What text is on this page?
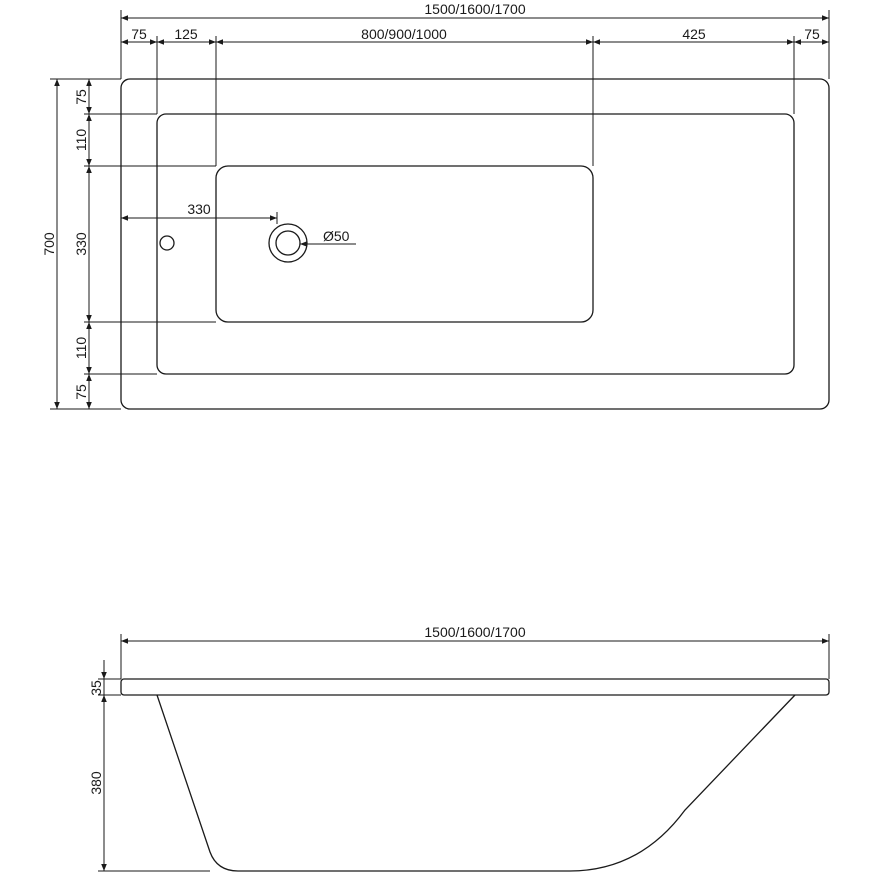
1500/1600/1700
75 125	800/900/1000	425	75
700
75
110
330
110
75
330
Ø50
1500/1600/1700
35
380
